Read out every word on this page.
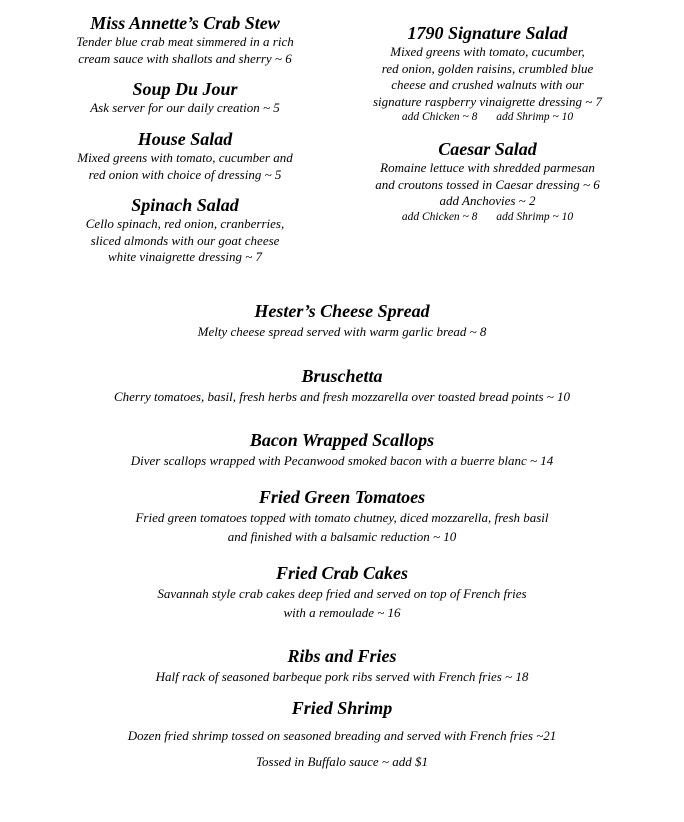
Miss Annette’s Crab Stew
Tender blue crab meat simmered in a rich
cream sauce with shallots and sherry ~ 6
Soup Du Jour
Ask server for our daily creation ~ 5
House Salad
Mixed greens with tomato, cucumber and
red onion with choice of dressing ~ 5
Spinach Salad
Cello spinach, red onion, cranberries,
sliced almonds with our goat cheese
white vinaigrette dressing ~ 7
1790 Signature Salad
Mixed greens with tomato, cucumber,
red onion, golden raisins, crumbled blue
cheese and crushed walnuts with our
signature raspberry vinaigrette dressing ~ 7
add Chicken ~ 8 add Shrimp ~ 10
Caesar Salad
Romaine lettuce with shredded parmesan
and croutons tossed in Caesar dressing ~ 6
add Anchovies ~ 2
add Chicken ~ 8 add Shrimp ~ 10
Hester’s Cheese Spread
Melty cheese spread served with warm garlic bread ~ 8
Bruschetta
Cherry tomatoes, basil, fresh herbs and fresh mozzarella over toasted bread points ~ 10
Bacon Wrapped Scallops
Diver scallops wrapped with Pecanwood smoked bacon with a buerre blanc ~ 14
Fried Green Tomatoes
Fried green tomatoes topped with tomato chutney, diced mozzarella, fresh basil
and finished with a balsamic reduction ~ 10
Fried Crab Cakes
Savannah style crab cakes deep fried and served on top of French fries
with a remoulade ~ 16
Ribs and Fries
Half rack of seasoned barbeque pork ribs served with French fries ~ 18
Fried Shrimp
Dozen fried shrimp tossed on seasoned breading and served with French fries ~21
Tossed in Buffalo sauce ~ add $1
